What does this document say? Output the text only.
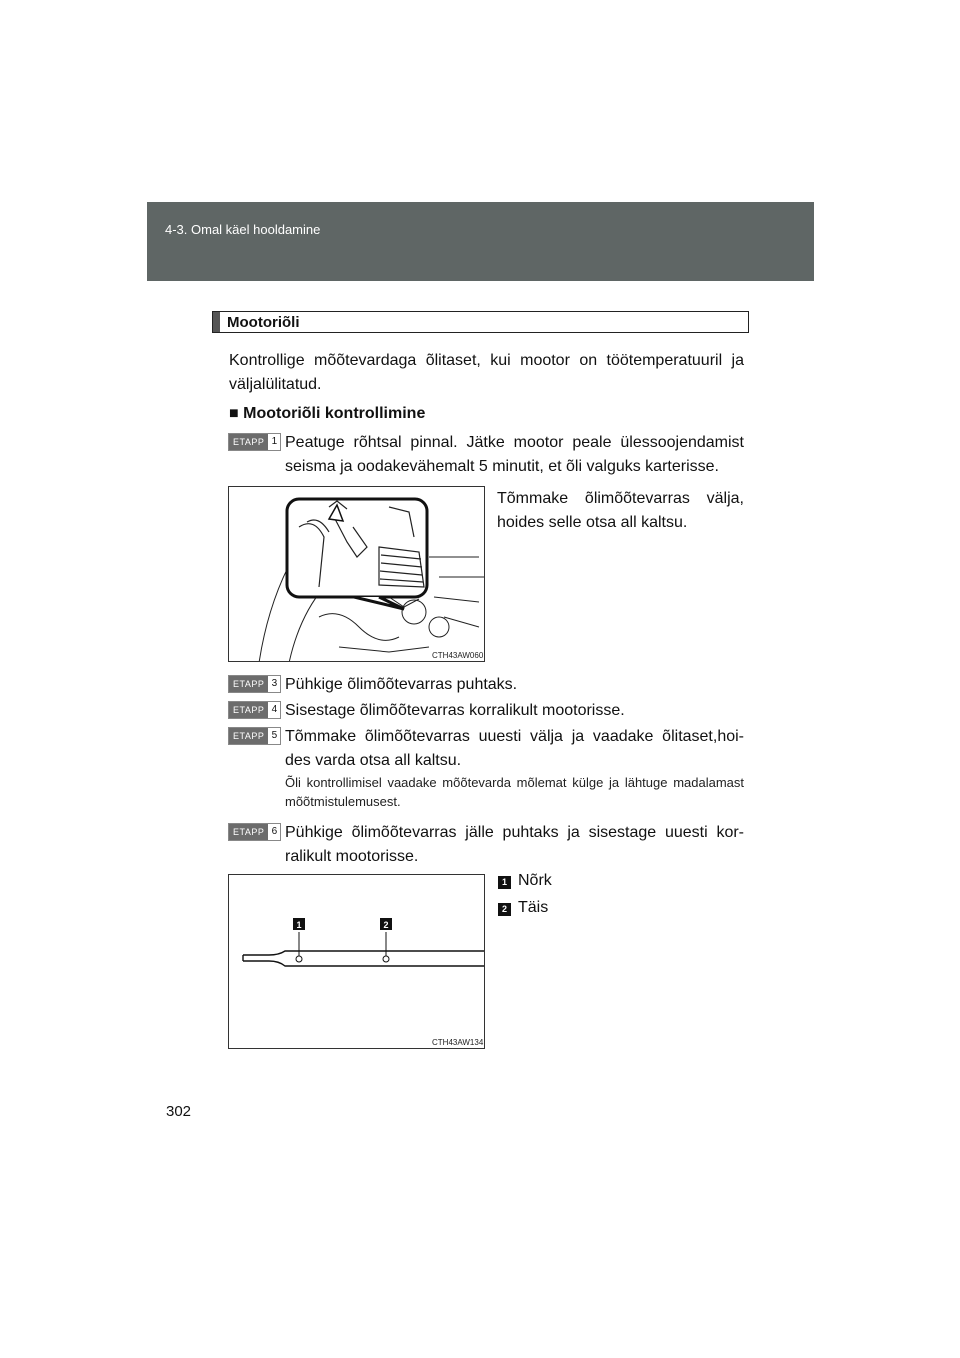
4-3. Omal käel hooldamine
Mootoriõli
Kontrollige mõõtevardaga õlitaset, kui mootor on töötemperatuuril ja väljalülitatud.
■ Mootoriõli kontrollimine
ETAPP 1 Peatuge rõhtsal pinnal. Jätke mootor peale ülessoojendamist seisma ja oodakevähemalt 5 minutit, et õli valguks karterisse.
CTH43AW060
Tõmmake õlimõõtevarras välja, hoides selle otsa all kaltsu.
ETAPP 3 Pühkige õlimõõtevarras puhtaks.
ETAPP 4 Sisestage õlimõõtevarras korralikult mootorisse.
ETAPP 5 Tõmmake õlimõõtevarras uuesti välja ja vaadake õlitaset,hoi- des varda otsa all kaltsu.
Õli kontrollimisel vaadake mõõtevarda mõlemat külge ja lähtuge madalamast mõõtmistulemusest.
ETAPP 6 Pühkige õlimõõtevarras jälle puhtaks ja sisestage uuesti kor- ralikult mootorisse.
1	2
CTH43AW134
1 Nõrk
2 Täis
302
